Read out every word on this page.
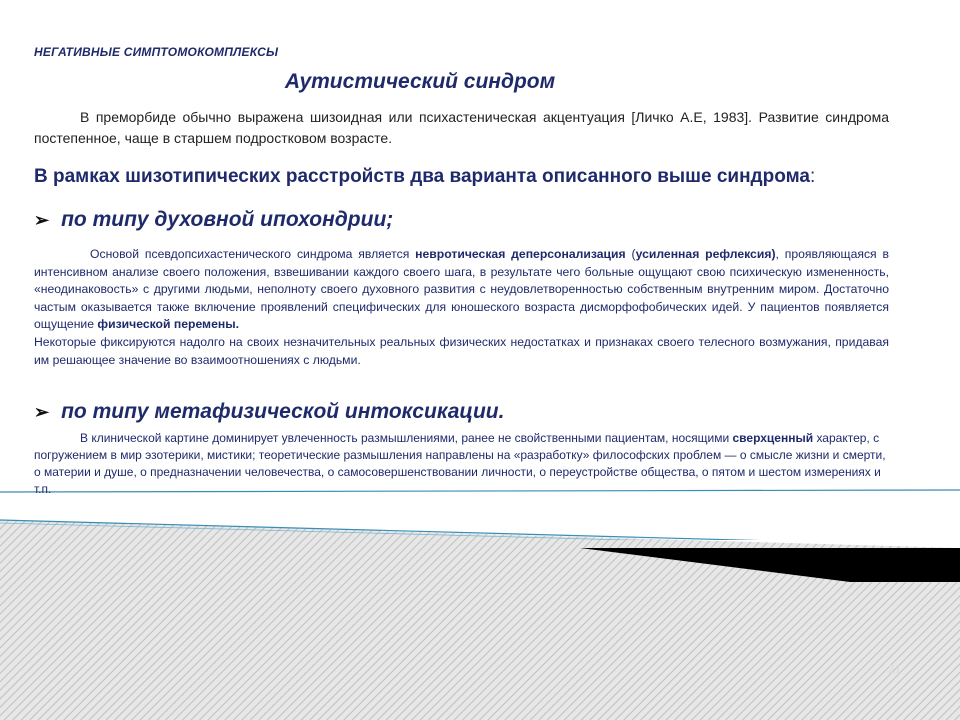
НЕГАТИВНЫЕ СИМПТОМОКОМПЛЕКСЫ
Аутистический синдром
В преморбиде обычно выражена шизоидная или психастеническая акцентуация [Личко А.Е, 1983]. Развитие синдрома постепенное, чаще в старшем подростковом возрасте.
В рамках шизотипических расстройств два варианта описанного выше синдрома:
➢ по типу духовной ипохондрии;
Основой псевдопсихастенического синдрома является невротическая деперсонализация (усиленная рефлексия), проявляющаяся в интенсивном анализе своего положения, взвешивании каждого своего шага, в результате чего больные ощущают свою психическую измененность, «неодинаковость» с другими людьми, неполноту своего духовного развития с неудовлетворенностью собственным внутренним миром. Достаточно частым оказывается также включение проявлений специфических для юношеского возраста дисморфофобических идей. У пациентов появляется ощущение физической перемены.
Некоторые фиксируются надолго на своих незначительных реальных физических недостатках и признаках своего телесного возмужания, придавая им решающее значение во взаимоотношениях с людьми.
➢ по типу метафизической интоксикации.
В клинической картине доминирует увлеченность размышлениями, ранее не свойственными пациентам, носящими сверхценный характер, с погружением в мир эзотерики, мистики; теоретические размышления направлены на «разработку» философских проблем — о смысле жизни и смерти, о материи и душе, о предназначении человечества, о самосовершенствовании личности, о переустройстве общества, о пятом и шестом измерениях и т.п.
21
